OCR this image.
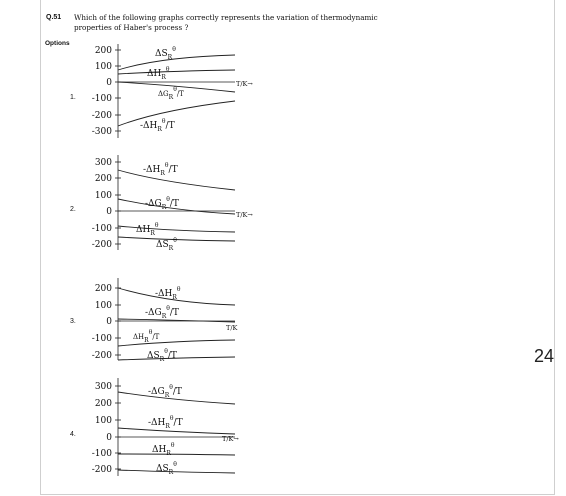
Q.51 Which of the following graphs correctly represents the variation of thermodynamic properties of Haber's process ?
Options
1.
2.
3.
4.
24
200
100
0
-100
-200
-300
T/K→
$\Delta S_R^\theta$
$\Delta H_R^\theta$
ΔGRθ/T
$-\Delta H_R^\theta/T$
300
200
100
0
-100
-200
T/K→
$-\Delta H_R^\theta/T$
$-\Delta G_R^\theta/T$
$\Delta H_R^\theta$
$\Delta S_R^\theta$
200
100
0
-100
-200
T/K
$-\Delta H_R^\theta$
$-\Delta G_R^\theta/T$
ΔHRθ/T
$\Delta S_R^\theta/T$
300
200
100
0
-100
-200
T/K→
$-\Delta G_R^\theta/T$
$-\Delta H_R^\theta/T$
$\Delta H_R^\theta$
$\Delta S_R^\theta$
